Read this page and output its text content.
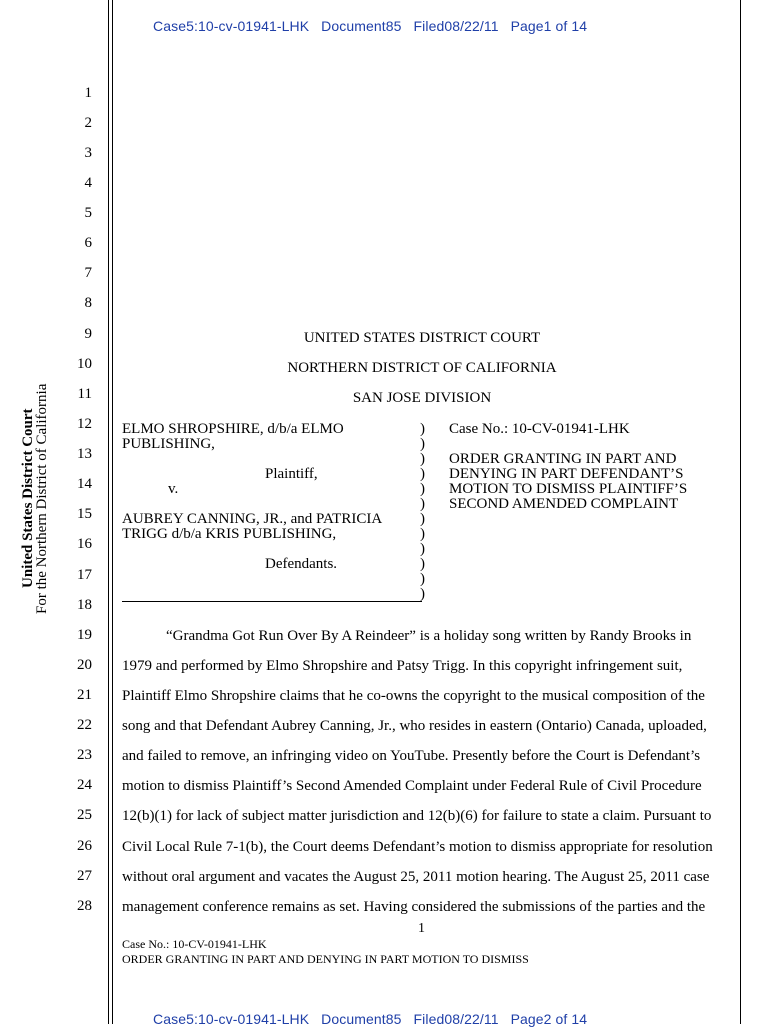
Case5:10-cv-01941-LHK   Document85   Filed08/22/11   Page1 of 14
Case5:10-cv-01941-LHK   Document85   Filed08/22/11   Page2 of 14
United States District Court
For the Northern District of California
1
2
3
4
5
6
7
8
9
10
11
12
13
14
15
16
17
18
19
20
21
22
23
24
25
26
27
28
UNITED STATES DISTRICT COURT
NORTHERN DISTRICT OF CALIFORNIA
SAN JOSE DIVISION
ELMO SHROPSHIRE, d/b/a ELMO
PUBLISHING,
Plaintiff,
v.
AUBREY CANNING, JR., and PATRICIA
TRIGG d/b/a KRIS PUBLISHING,
Defendants.
)
)
)
)
)
)
)
)
)
)
)
)
Case No.: 10-CV-01941-LHK
ORDER GRANTING IN PART AND
DENYING IN PART DEFENDANT’S
MOTION TO DISMISS PLAINTIFF’S
SECOND AMENDED COMPLAINT
“Grandma Got Run Over By A Reindeer” is a holiday song written by Randy Brooks in
1979 and performed by Elmo Shropshire and Patsy Trigg. In this copyright infringement suit,
Plaintiff Elmo Shropshire claims that he co-owns the copyright to the musical composition of the
song and that Defendant Aubrey Canning, Jr., who resides in eastern (Ontario) Canada, uploaded,
and failed to remove, an infringing video on YouTube. Presently before the Court is Defendant’s
motion to dismiss Plaintiff’s Second Amended Complaint under Federal Rule of Civil Procedure
12(b)(1) for lack of subject matter jurisdiction and 12(b)(6) for failure to state a claim. Pursuant to
Civil Local Rule 7-1(b), the Court deems Defendant’s motion to dismiss appropriate for resolution
without oral argument and vacates the August 25, 2011 motion hearing. The August 25, 2011 case
management conference remains as set. Having considered the submissions of the parties and the
1
Case No.: 10-CV-01941-LHK
ORDER GRANTING IN PART AND DENYING IN PART MOTION TO DISMISS
